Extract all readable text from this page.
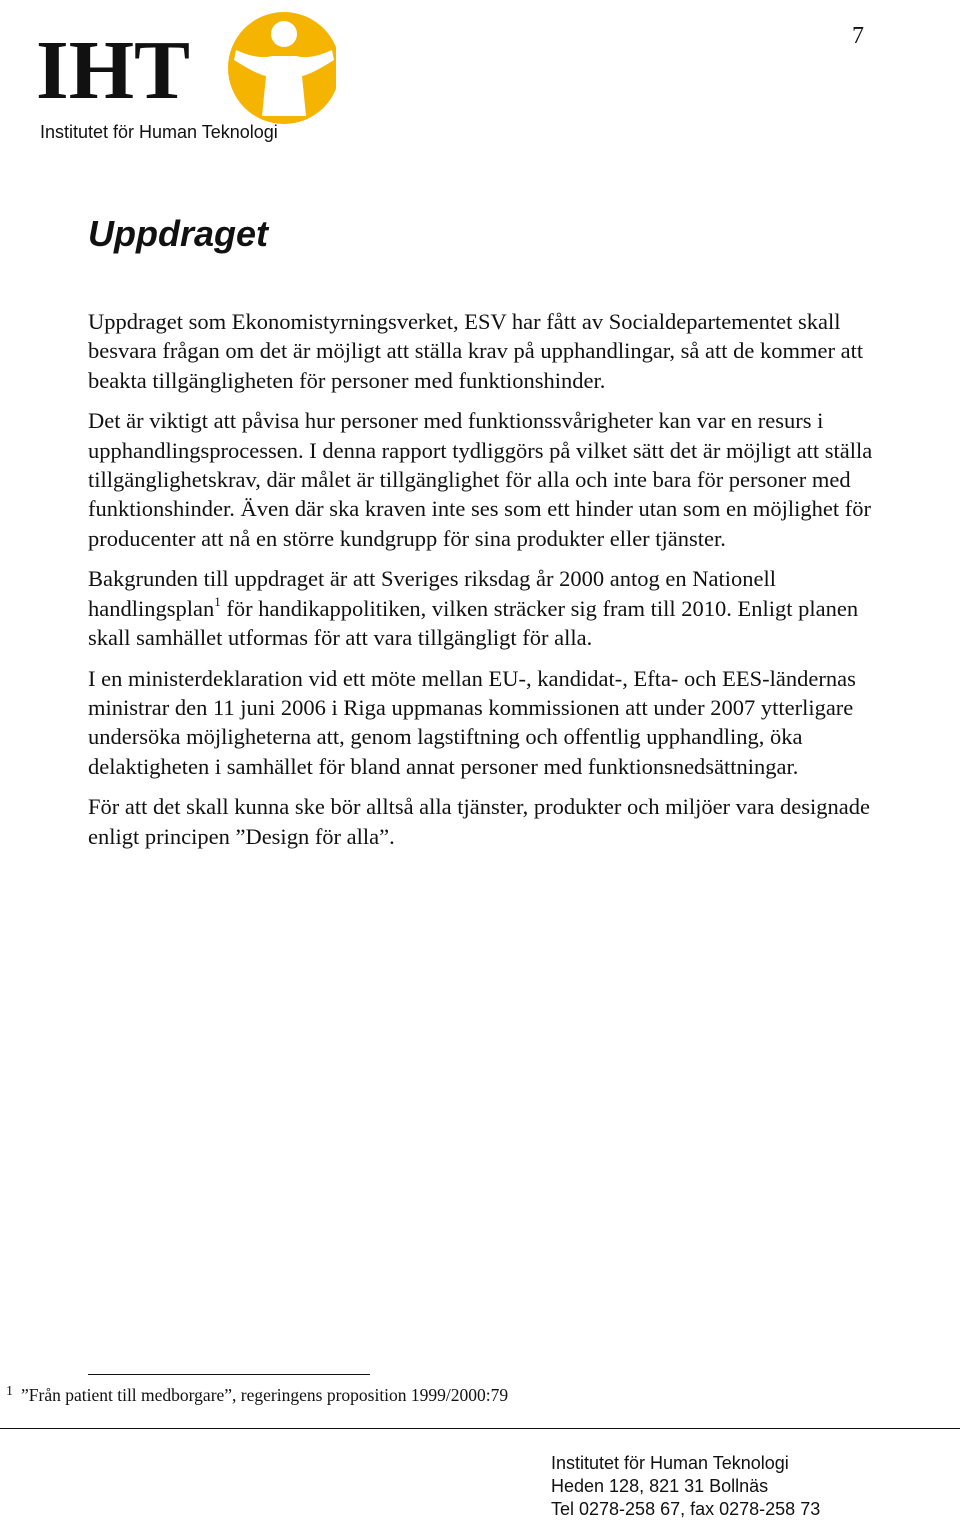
IHT
Institutet för Human Teknologi
7
Uppdraget

Uppdraget som Ekonomistyrningsverket, ESV har fått av Socialdepartementet skall besvara frågan om det är möjligt att ställa krav på upphandlingar, så att de kommer att beakta tillgängligheten för personer med funktionshinder.

Det är viktigt att påvisa hur personer med funktionssvårigheter kan var en resurs i upphandlingsprocessen. I denna rapport tydliggörs på vilket sätt det är möjligt att ställa tillgänglighetskrav, där målet är tillgänglighet för alla och inte bara för personer med funktionshinder. Även där ska kraven inte ses som ett hinder utan som en möjlighet för producenter att nå en större kundgrupp för sina produkter eller tjänster.

Bakgrunden till uppdraget är att Sveriges riksdag år 2000 antog en Nationell handlingsplan$^1$ för handikappolitiken, vilken sträcker sig fram till 2010. Enligt planen skall samhället utformas för att vara tillgängligt för alla.

I en ministerdeklaration vid ett möte mellan EU-, kandidat-, Efta- och EES-ländernas ministrar den 11 juni 2006 i Riga uppmanas kommissionen att under 2007 ytterligare undersöka möjligheterna att, genom lagstiftning och offentlig upphandling, öka delaktigheten i samhället för bland annat personer med funktionsnedsättningar.

För att det skall kunna ske bör alltså alla tjänster, produkter och miljöer vara designade enligt principen ”Design för alla”.

$^1$ ”Från patient till medborgare”, regeringens proposition 1999/2000:79
Institutet för Human Teknologi
Heden 128, 821 31 Bollnäs
Tel 0278-258 67, fax 0278-258 73
